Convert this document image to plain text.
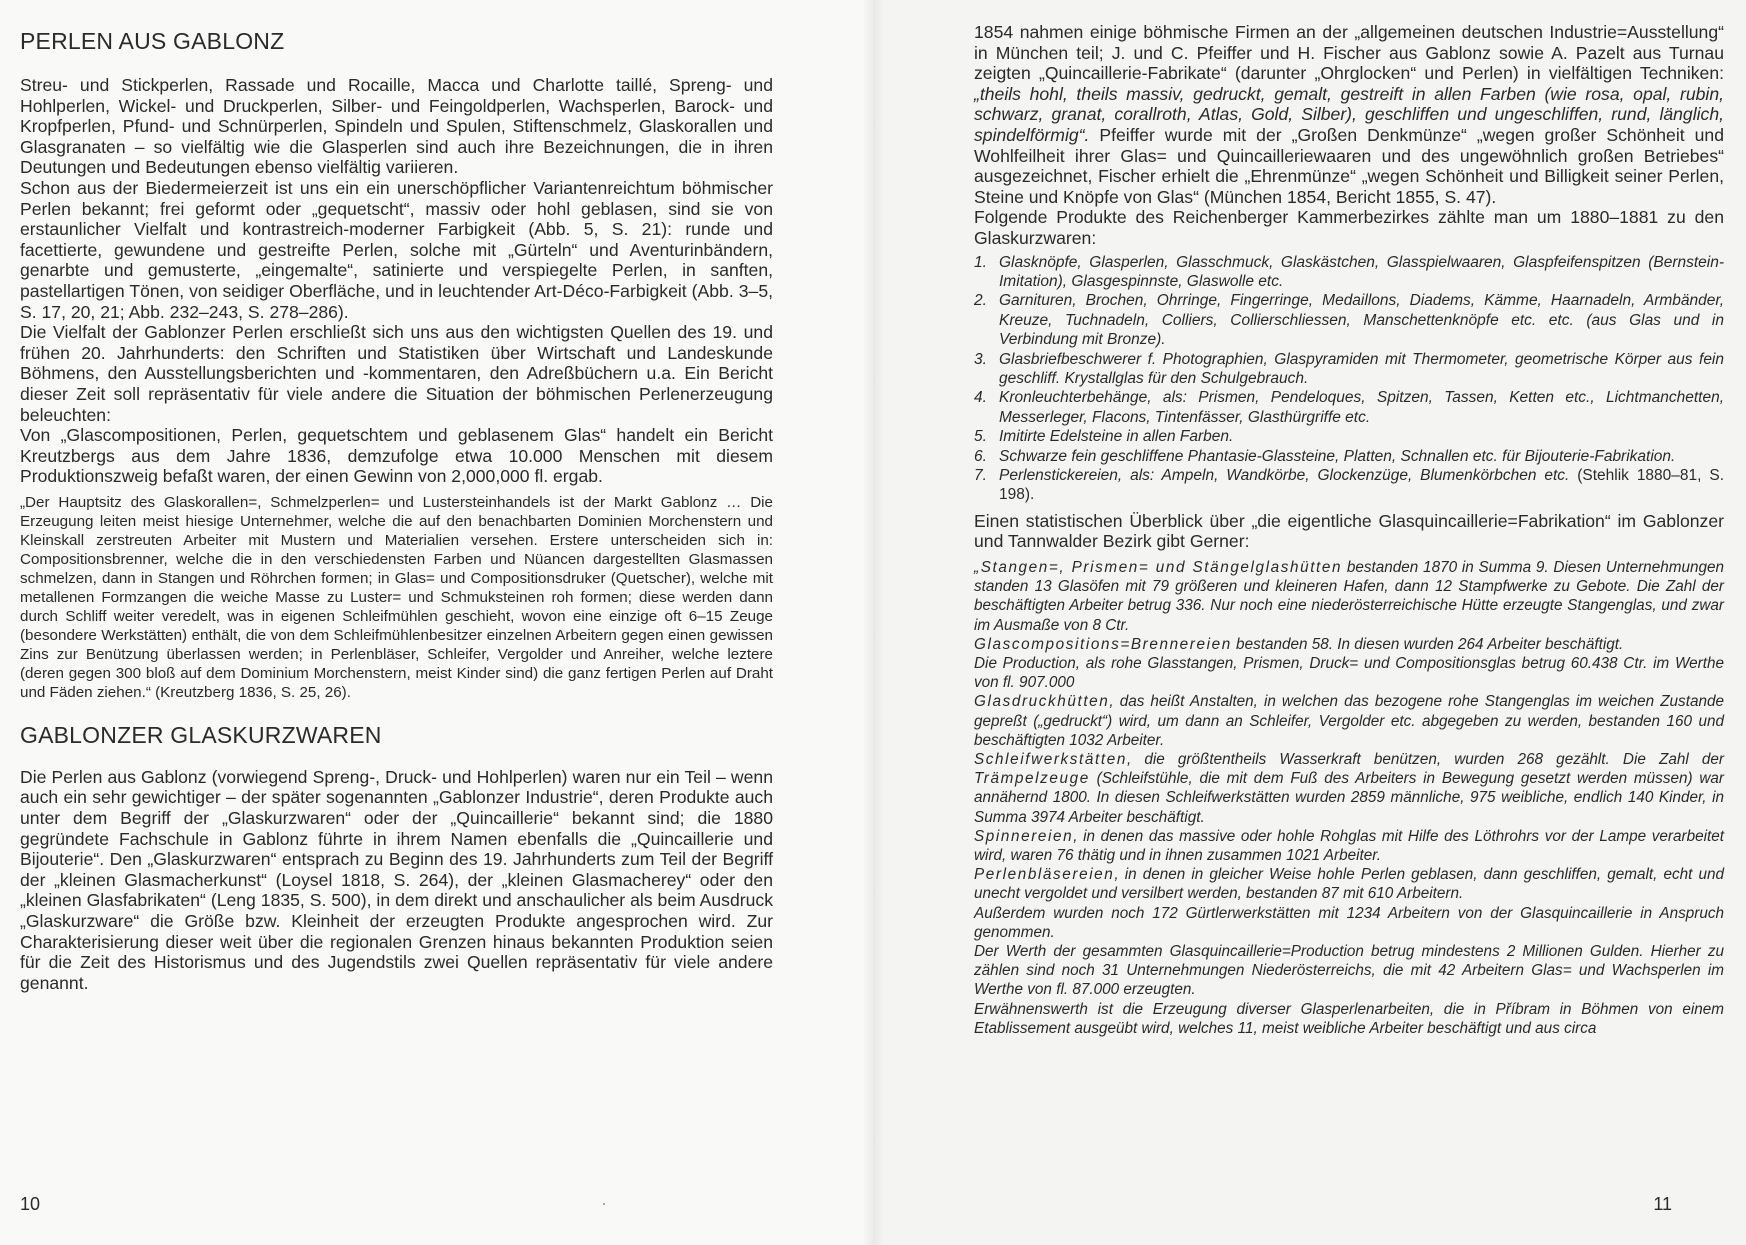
PERLEN AUS GABLONZ

Streu- und Stickperlen, Rassade und Rocaille, Macca und Charlotte taillé, Spreng- und Hohlperlen, Wickel- und Druckperlen, Silber- und Feingoldperlen, Wachsperlen, Barock- und Kropfperlen, Pfund- und Schnürperlen, Spindeln und Spulen, Stiftenschmelz, Glaskorallen und Glasgranaten – so vielfältig wie die Glasperlen sind auch ihre Bezeichnungen, die in ihren Deutungen und Bedeutungen ebenso vielfältig variieren.

Schon aus der Biedermeierzeit ist uns ein ein unerschöpflicher Variantenreichtum böhmischer Perlen bekannt; frei geformt oder „gequetscht“, massiv oder hohl geblasen, sind sie von erstaunlicher Vielfalt und kontrastreich-moderner Farbigkeit (Abb. 5, S. 21): runde und facettierte, gewundene und gestreifte Perlen, solche mit „Gürteln“ und Aventurinbändern, genarbte und gemusterte, „eingemalte“, satinierte und verspiegelte Perlen, in sanften, pastellartigen Tönen, von seidiger Oberfläche, und in leuchtender Art-Déco-Farbigkeit (Abb. 3–5, S. 17, 20, 21; Abb. 232–243, S. 278–286).

Die Vielfalt der Gablonzer Perlen erschließt sich uns aus den wichtigsten Quellen des 19. und frühen 20. Jahrhunderts: den Schriften und Statistiken über Wirtschaft und Landeskunde Böhmens, den Ausstellungsberichten und -kommentaren, den Adreßbüchern u.a. Ein Bericht dieser Zeit soll repräsentativ für viele andere die Situation der böhmischen Perlenerzeugung beleuchten:

Von „Glascompositionen, Perlen, gequetschtem und geblasenem Glas“ handelt ein Bericht Kreutzbergs aus dem Jahre 1836, demzufolge etwa 10.000 Menschen mit diesem Produktionszweig befaßt waren, der einen Gewinn von 2,000,000 fl. ergab.

„Der Hauptsitz des Glaskorallen=, Schmelzperlen= und Lustersteinhandels ist der Markt Gablonz … Die Erzeugung leiten meist hiesige Unternehmer, welche die auf den benachbarten Dominien Morchenstern und Kleinskall zerstreuten Arbeiter mit Mustern und Materialien versehen. Erstere unterscheiden sich in: Compositionsbrenner, welche die in den verschiedensten Farben und Nüancen dargestellten Glasmassen schmelzen, dann in Stangen und Röhrchen formen; in Glas= und Compositionsdruker (Quetscher), welche mit metallenen Formzangen die weiche Masse zu Luster= und Schmuksteinen roh formen; diese werden dann durch Schliff weiter veredelt, was in eigenen Schleifmühlen geschieht, wovon eine einzige oft 6–15 Zeuge (besondere Werkstätten) enthält, die von dem Schleifmühlenbesitzer einzelnen Arbeitern gegen einen gewissen Zins zur Benützung überlassen werden; in Perlenbläser, Schleifer, Vergolder und Anreiher, welche leztere (deren gegen 300 bloß auf dem Dominium Morchenstern, meist Kinder sind) die ganz fertigen Perlen auf Draht und Fäden ziehen.“ (Kreutzberg 1836, S. 25, 26).

GABLONZER GLASKURZWAREN

Die Perlen aus Gablonz (vorwiegend Spreng-, Druck- und Hohlperlen) waren nur ein Teil – wenn auch ein sehr gewichtiger – der später sogenannten „Gablonzer Industrie“, deren Produkte auch unter dem Begriff der „Glaskurzwaren“ oder der „Quincaillerie“ bekannt sind; die 1880 gegründete Fachschule in Gablonz führte in ihrem Namen ebenfalls die „Quincaillerie und Bijouterie“. Den „Glaskurzwaren“ entsprach zu Beginn des 19. Jahrhunderts zum Teil der Begriff der „kleinen Glasmacherkunst“ (Loysel 1818, S. 264), der „kleinen Glasmacherey“ oder den „kleinen Glasfabrikaten“ (Leng 1835, S. 500), in dem direkt und anschaulicher als beim Ausdruck „Glaskurzware“ die Größe bzw. Kleinheit der erzeugten Produkte angesprochen wird. Zur Charakterisierung dieser weit über die regionalen Grenzen hinaus bekannten Produktion seien für die Zeit des Historismus und des Jugendstils zwei Quellen repräsentativ für viele andere genannt.

10

1854 nahmen einige böhmische Firmen an der „allgemeinen deutschen Industrie=Ausstellung“ in München teil; J. und C. Pfeiffer und H. Fischer aus Gablonz sowie A. Pazelt aus Turnau zeigten „Quincaillerie-Fabrikate“ (darunter „Ohrglocken“ und Perlen) in vielfältigen Techniken: „theils hohl, theils massiv, gedruckt, gemalt, gestreift in allen Farben (wie rosa, opal, rubin, schwarz, granat, corallroth, Atlas, Gold, Silber), geschliffen und ungeschliffen, rund, länglich, spindelförmig“. Pfeiffer wurde mit der „Großen Denkmünze“ „wegen großer Schönheit und Wohlfeilheit ihrer Glas= und Quincailleriewaaren und des ungewöhnlich großen Betriebes“ ausgezeichnet, Fischer erhielt die „Ehrenmünze“ „wegen Schönheit und Billigkeit seiner Perlen, Steine und Knöpfe von Glas“ (München 1854, Bericht 1855, S. 47).

Folgende Produkte des Reichenberger Kammerbezirkes zählte man um 1880–1881 zu den Glaskurzwaren:

1. Glasknöpfe, Glasperlen, Glasschmuck, Glaskästchen, Glasspielwaaren, Glaspfeifenspitzen (Bernstein-Imitation), Glasgespinnste, Glaswolle etc.
2. Garnituren, Brochen, Ohrringe, Fingerringe, Medaillons, Diadems, Kämme, Haarnadeln, Armbänder, Kreuze, Tuchnadeln, Colliers, Collierschliessen, Manschettenknöpfe etc. etc. (aus Glas und in Verbindung mit Bronze).
3. Glasbriefbeschwerer f. Photographien, Glaspyramiden mit Thermometer, geometrische Körper aus fein geschliff. Krystallglas für den Schulgebrauch.
4. Kronleuchterbehänge, als: Prismen, Pendeloques, Spitzen, Tassen, Ketten etc., Lichtmanchetten, Messerleger, Flacons, Tintenfässer, Glasthürgriffe etc.
5. Imitirte Edelsteine in allen Farben.
6. Schwarze fein geschliffene Phantasie-Glassteine, Platten, Schnallen etc. für Bijouterie-Fabrikation.
7. Perlenstickereien, als: Ampeln, Wandkörbe, Glockenzüge, Blumenkörbchen etc. (Stehlik 1880–81, S. 198).

Einen statistischen Überblick über „die eigentliche Glasquincaillerie=Fabrikation“ im Gablonzer und Tannwalder Bezirk gibt Gerner:

„Stangen=, Prismen= und Stängelglashütten bestanden 1870 in Summa 9. Diesen Unternehmungen standen 13 Glasöfen mit 79 größeren und kleineren Hafen, dann 12 Stampfwerke zu Gebote. Die Zahl der beschäftigten Arbeiter betrug 336. Nur noch eine niederösterreichische Hütte erzeugte Stangenglas, und zwar im Ausmaße von 8 Ctr.

Glascompositions=Brennereien bestanden 58. In diesen wurden 264 Arbeiter beschäftigt.

Die Production, als rohe Glasstangen, Prismen, Druck= und Compositionsglas betrug 60.438 Ctr. im Werthe von fl. 907.000

Glasdruckhütten, das heißt Anstalten, in welchen das bezogene rohe Stangenglas im weichen Zustande gepreßt („gedruckt“) wird, um dann an Schleifer, Vergolder etc. abgegeben zu werden, bestanden 160 und beschäftigten 1032 Arbeiter.

Schleifwerkstätten, die größtentheils Wasserkraft benützen, wurden 268 gezählt. Die Zahl der Trämpelzeuge (Schleifstühle, die mit dem Fuß des Arbeiters in Bewegung gesetzt werden müssen) war annähernd 1800. In diesen Schleifwerkstätten wurden 2859 männliche, 975 weibliche, endlich 140 Kinder, in Summa 3974 Arbeiter beschäftigt.

Spinnereien, in denen das massive oder hohle Rohglas mit Hilfe des Löthrohrs vor der Lampe verarbeitet wird, waren 76 thätig und in ihnen zusammen 1021 Arbeiter.

Perlenbläsereien, in denen in gleicher Weise hohle Perlen geblasen, dann geschliffen, gemalt, echt und unecht vergoldet und versilbert werden, bestanden 87 mit 610 Arbeitern.

Außerdem wurden noch 172 Gürtlerwerkstätten mit 1234 Arbeitern von der Glasquincaillerie in Anspruch genommen.

Der Werth der gesammten Glasquincaillerie=Production betrug mindestens 2 Millionen Gulden. Hierher zu zählen sind noch 31 Unternehmungen Niederösterreichs, die mit 42 Arbeitern Glas= und Wachsperlen im Werthe von fl. 87.000 erzeugten.

Erwähnenswerth ist die Erzeugung diverser Glasperlenarbeiten, die in Příbram in Böhmen von einem Etablissement ausgeübt wird, welches 11, meist weibliche Arbeiter beschäftigt und aus circa

11
